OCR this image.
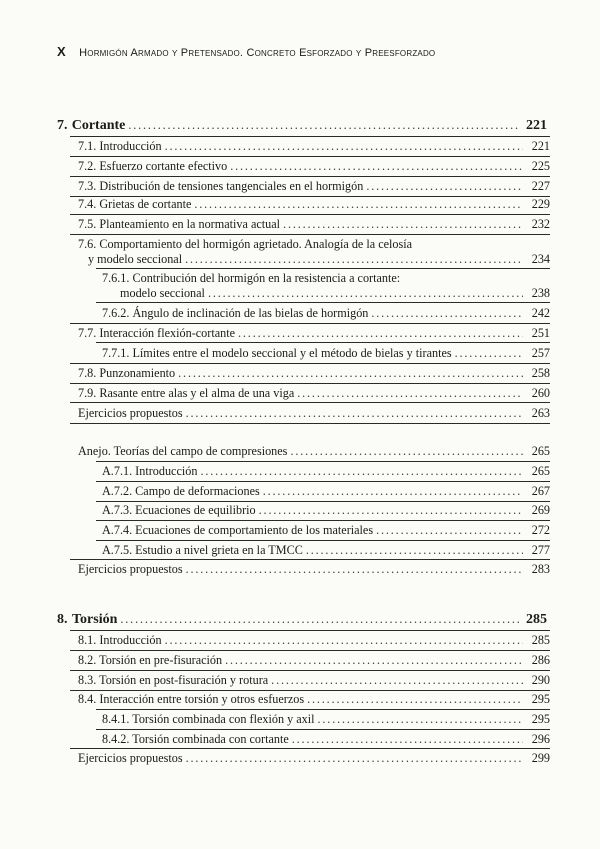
X Hormigón Armado y Pretensado. Concreto Esforzado y Preesforzado
7. Cortante . . .	221
7.1. Introducción . . .	221
7.2. Esfuerzo cortante efectivo . . .	225
7.3. Distribución de tensiones tangenciales en el hormigón . . .	227
7.4. Grietas de cortante . . .	229
7.5. Planteamiento en la normativa actual . . .	232
7.6. Comportamiento del hormigón agrietado. Analogía de la celosía
y modelo seccional . . .	234
7.6.1. Contribución del hormigón en la resistencia a cortante:
modelo seccional . . .	238
7.6.2. Ángulo de inclinación de las bielas de hormigón . . .	242
7.7. Interacción flexión-cortante . . .	251
7.7.1. Límites entre el modelo seccional y el método de bielas y tirantes . . .	257
7.8. Punzonamiento . . .	258
7.9. Rasante entre alas y el alma de una viga . . .	260
Ejercicios propuestos . . .	263
Anejo. Teorías del campo de compresiones . . .	265
A.7.1. Introducción . . .	265
A.7.2. Campo de deformaciones . . .	267
A.7.3. Ecuaciones de equilibrio . . .	269
A.7.4. Ecuaciones de comportamiento de los materiales . . .	272
A.7.5. Estudio a nivel grieta en la TMCC . . .	277
Ejercicios propuestos . . .	283
8. Torsión . . .	285
8.1. Introducción . . .	285
8.2. Torsión en pre-fisuración . . .	286
8.3. Torsión en post-fisuración y rotura . . .	290
8.4. Interacción entre torsión y otros esfuerzos . . .	295
8.4.1. Torsión combinada con flexión y axil . . .	295
8.4.2. Torsión combinada con cortante . . .	296
Ejercicios propuestos . . .	299
